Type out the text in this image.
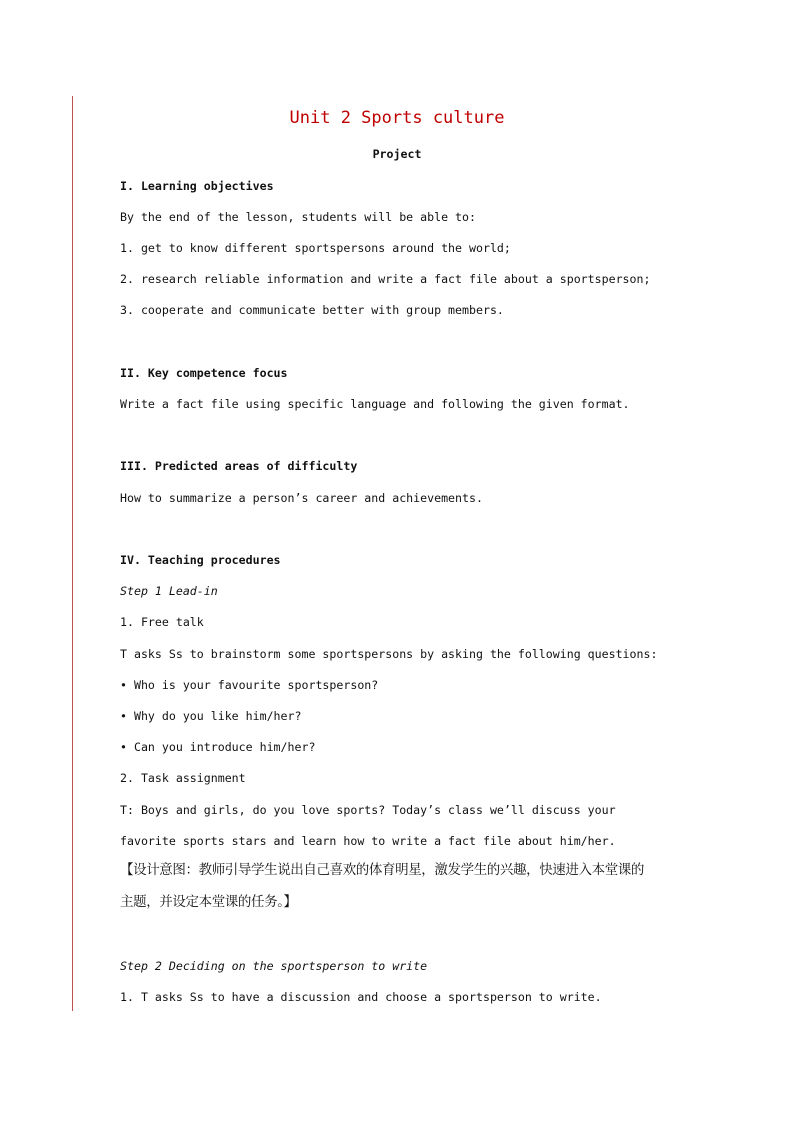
Unit 2 Sports culture
Project
I. Learning objectives
By the end of the lesson, students will be able to:
1. get to know different sportspersons around the world;
2. research reliable information and write a fact file about a sportsperson;
3. cooperate and communicate better with group members.
II. Key competence focus
Write a fact file using specific language and following the given format.
III. Predicted areas of difficulty
How to summarize a person’s career and achievements.
IV. Teaching procedures
Step 1 Lead-in
1. Free talk
T asks Ss to brainstorm some sportspersons by asking the following questions:
• Who is your favourite sportsperson?
• Why do you like him/her?
• Can you introduce him/her?
2. Task assignment
T: Boys and girls, do you love sports? Today’s class we’ll discuss your
favorite sports stars and learn how to write a fact file about him/her.
【设计意图：教师引导学生说出自己喜欢的体育明星，激发学生的兴趣，快速进入本堂课的
主题，并设定本堂课的任务。】
Step 2 Deciding on the sportsperson to write
1. T asks Ss to have a discussion and choose a sportsperson to write.
